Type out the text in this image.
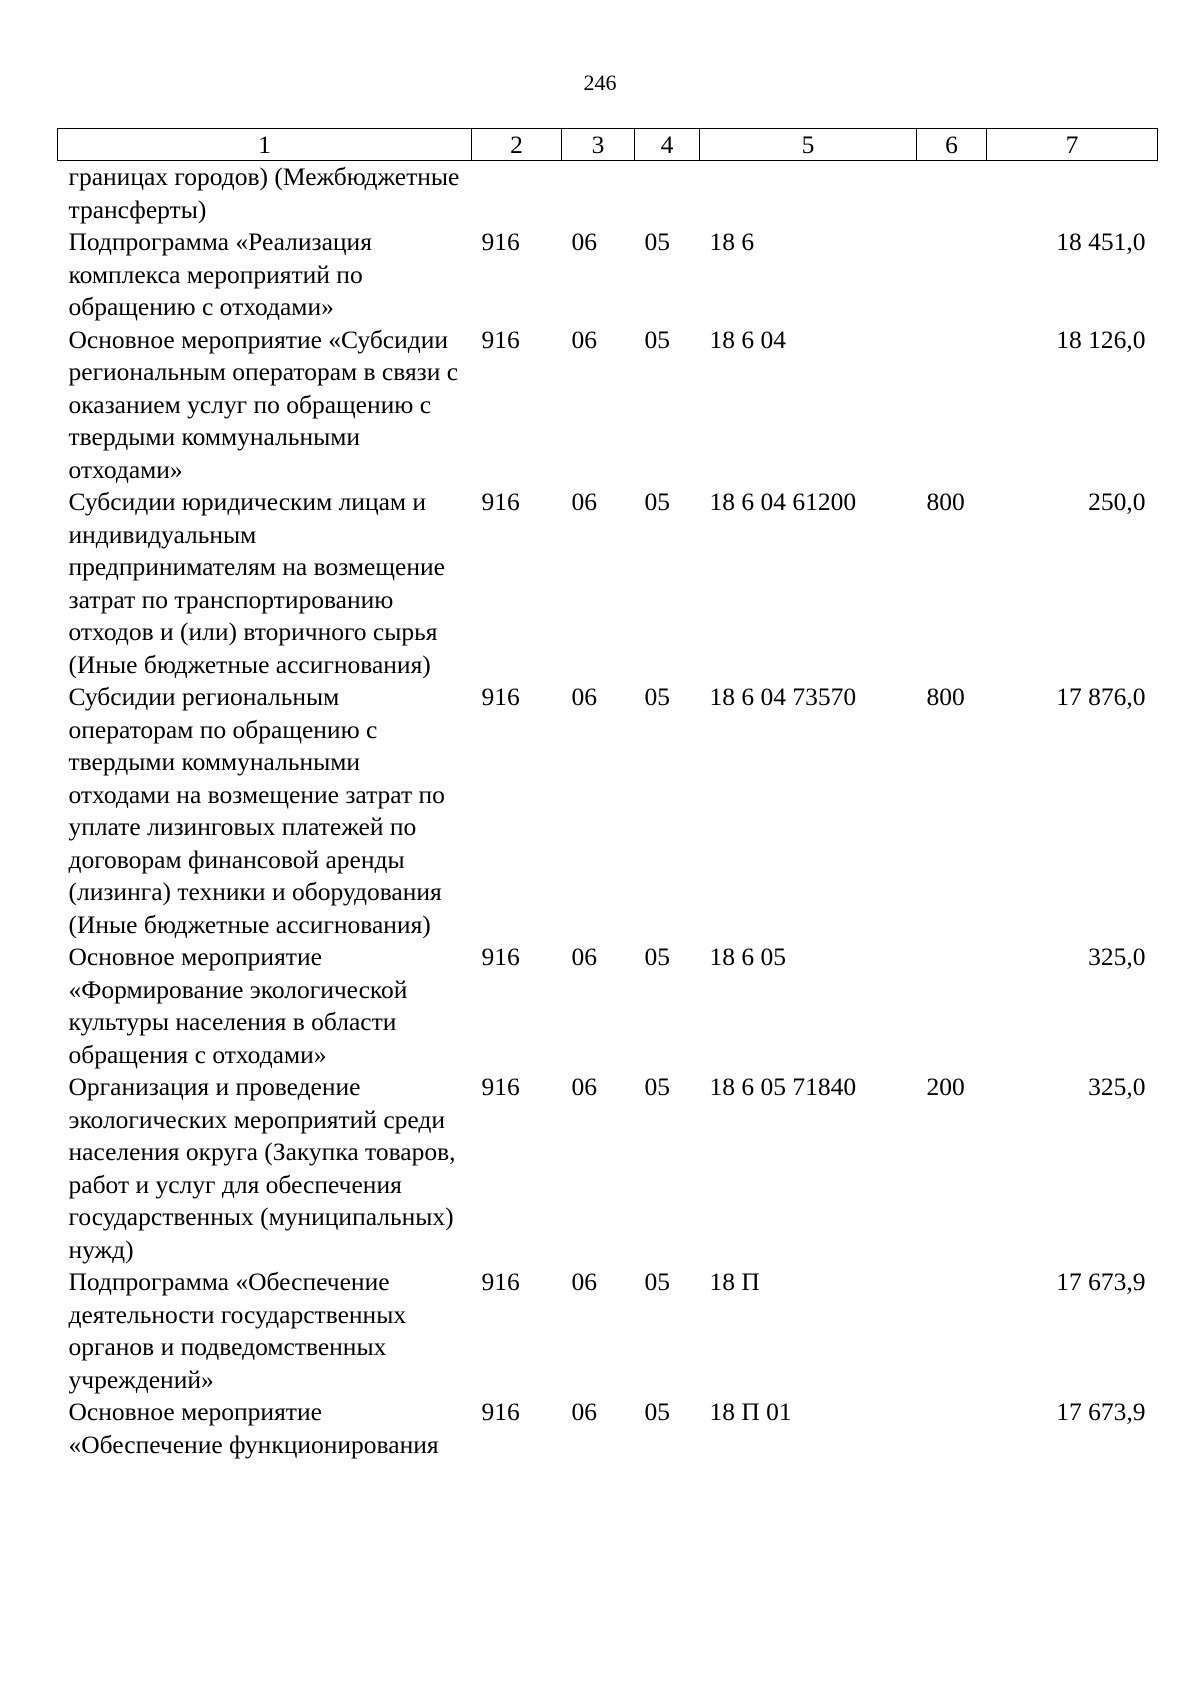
246
1	2	3	4	5	6	7
границах городов) (Межбюджетные трансферты)						
Подпрограмма «Реализация комплекса мероприятий по обращению с отходами»	916	06	05	18 6		18 451,0
Основное мероприятие «Субсидии региональным операторам в связи с оказанием услуг по обращению с твердыми коммунальными отходами»	916	06	05	18 6 04		18 126,0
Субсидии юридическим лицам и индивидуальным предпринимателям на возмещение затрат по транспортированию отходов и (или) вторичного сырья (Иные бюджетные ассигнования)	916	06	05	18 6 04 61200	800	250,0
Субсидии региональным операторам по обращению с твердыми коммунальными отходами на возмещение затрат по уплате лизинговых платежей по договорам финансовой аренды (лизинга) техники и оборудования (Иные бюджетные ассигнования)	916	06	05	18 6 04 73570	800	17 876,0
Основное мероприятие «Формирование экологической культуры населения в области обращения с отходами»	916	06	05	18 6 05		325,0
Организация и проведение экологических мероприятий среди населения округа (Закупка товаров, работ и услуг для обеспечения государственных (муниципальных) нужд)	916	06	05	18 6 05 71840	200	325,0
Подпрограмма «Обеспечение деятельности государственных органов и подведомственных учреждений»	916	06	05	18 П		17 673,9
Основное мероприятие «Обеспечение функционирования	916	06	05	18 П 01		17 673,9
